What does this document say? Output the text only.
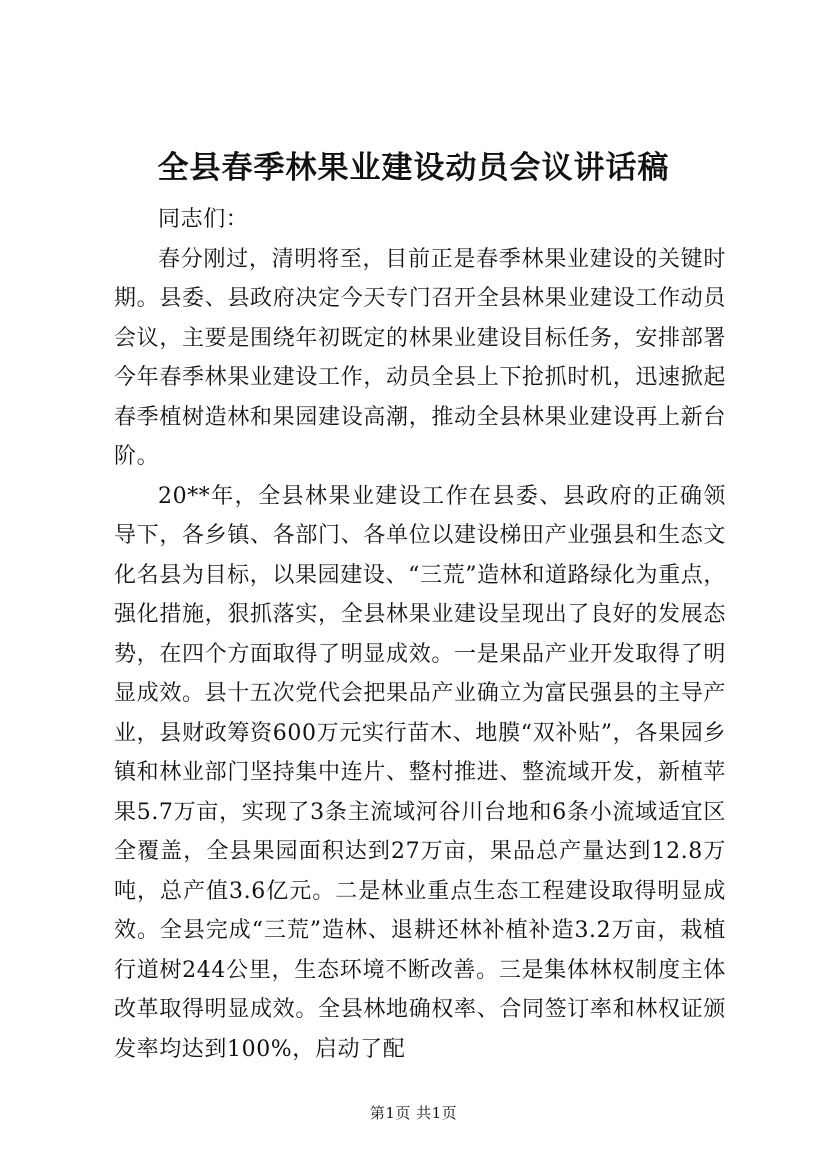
全县春季林果业建设动员会议讲话稿

同志们：

春分刚过，清明将至，目前正是春季林果业建设的关键时期。县委、县政府决定今天专门召开全县林果业建设工作动员会议，主要是围绕年初既定的林果业建设目标任务，安排部署今年春季林果业建设工作，动员全县上下抢抓时机，迅速掀起春季植树造林和果园建设高潮，推动全县林果业建设再上新台阶。

20**年，全县林果业建设工作在县委、县政府的正确领导下，各乡镇、各部门、各单位以建设梯田产业强县和生态文化名县为目标，以果园建设、“三荒”造林和道路绿化为重点，强化措施，狠抓落实，全县林果业建设呈现出了良好的发展态势，在四个方面取得了明显成效。一是果品产业开发取得了明显成效。县十五次党代会把果品产业确立为富民强县的主导产业，县财政筹资600万元实行苗木、地膜“双补贴”，各果园乡镇和林业部门坚持集中连片、整村推进、整流域开发，新植苹果5.7万亩，实现了3条主流域河谷川台地和6条小流域适宜区全覆盖，全县果园面积达到27万亩，果品总产量达到12.8万吨，总产值3.6亿元。二是林业重点生态工程建设取得明显成效。全县完成“三荒”造林、退耕还林补植补造3.2万亩，栽植行道树244公里，生态环境不断改善。三是集体林权制度主体改革取得明显成效。全县林地确权率、合同签订率和林权证颁发率均达到100%，启动了配

第1页 共1页
